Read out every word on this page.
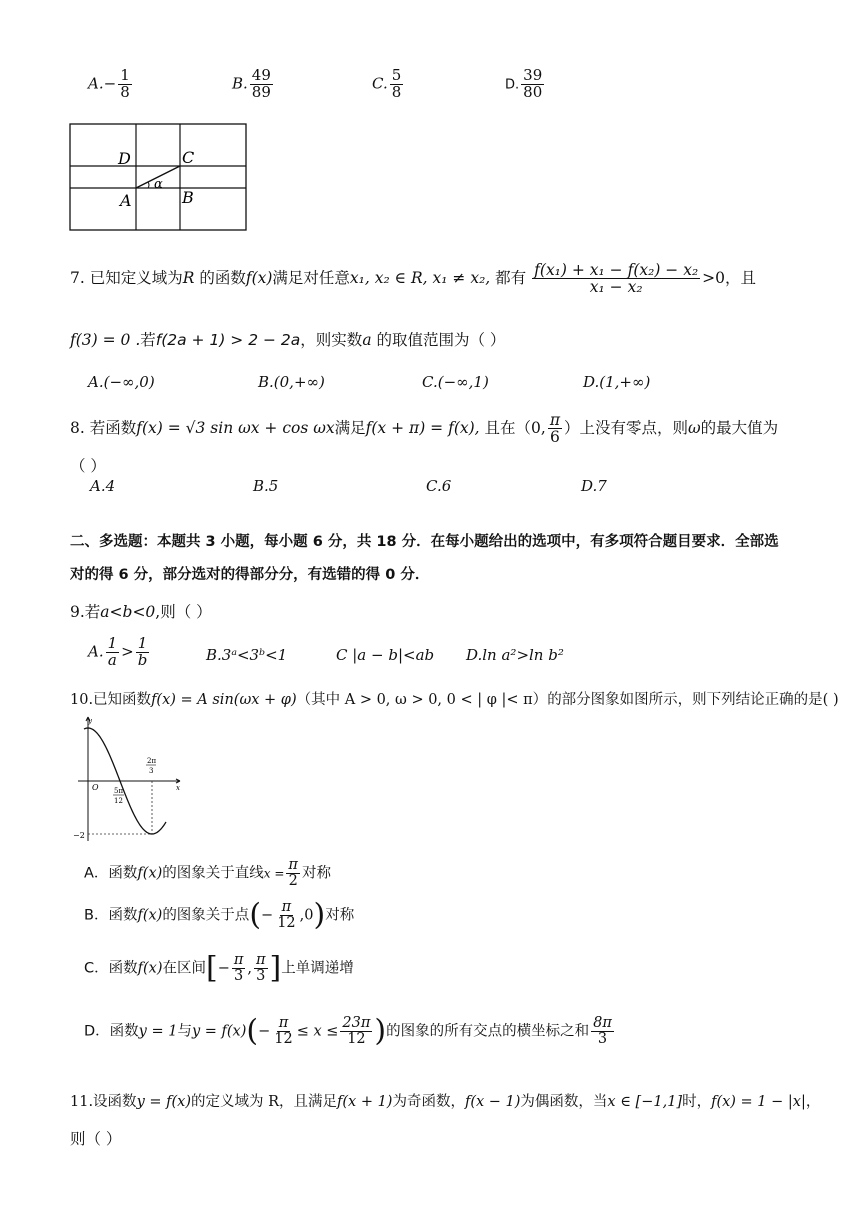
$A.- \frac{1}{8}$	B. $\frac{49}{89}$	C. $\frac{5}{8}$	D. $\frac{39}{80}$
D	C
A	B
α
7. 已知定义域为R 的函数f(x)满足对任意x₁, x₂ ∈ R, x₁ ≠ x₂, 都有 $\frac{\text{f(x₁) + x₁ − f(x₂) − x₂}}{\text{x₁ − x₂}} >0$，且
f(3) = 0 .若f(2a + 1) > 2 − 2a，则实数a 的取值范围为（ ）
A.(−∞,0)	B.(0,+∞)	C.(−∞,1)	D.(1,+∞)
8. 若函数f(x) = √3 sin ωx + cos ωx满足f(x + π) = f(x), 且在（0, $\frac{\pi}{6}$ ）上没有零点，则ω的最大值为
（ ）
A.4	B.5	C.6	D.7
二、多选题：本题共 3 小题，每小题 6 分，共 18 分．在每小题给出的选项中，有多项符合题目要求．全部选
对的得 6 分，部分选对的得部分分，有选错的得 0 分．
9.若a<b<0,则（ ）
A. $\frac{1}{a} > \frac{1}{b}$	B.3ᵃ<3ᵇ<1	C |a − b|<ab D.ln a²>ln b²
10.已知函数f(x) = A sin(ωx + φ)（其中 A > 0, ω > 0, 0 < | φ |< π）的部分图象如图所示，则下列结论正确的是( )
y
x
O
−2
5π
12
2π
3
A．函数f(x)的图象关于直线$x = \frac{\pi}{2}$ 对称
B．函数f(x)的图象关于点(− $\frac{\pi}{12} ,0$)对称
C．函数f(x)在区间[− $\frac{\pi}{3}$ , $\frac{\pi}{3}$ ]上单调递增
D．函数y = 1与$y = f(x)(- \frac{\pi}{12} \le x \le \frac{23\pi}{12}$ )的图象的所有交点的横坐标之和 $\frac{8\pi}{3}$
11.设函数y = f(x)的定义域为 R，且满足f(x + 1)为奇函数，f(x − 1)为偶函数，当x ∈ [−1,1]时，f(x) = 1 − |x|，
则（ ）
